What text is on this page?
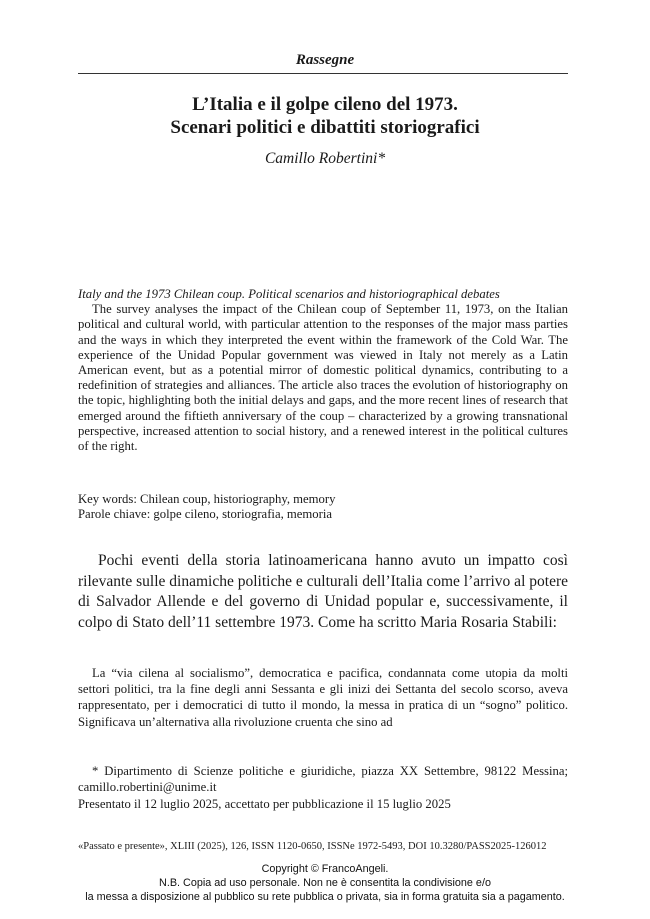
Rassegne
L’Italia e il golpe cileno del 1973.
Scenari politici e dibattiti storiografici
Camillo Robertini*
Italy and the 1973 Chilean coup. Political scenarios and historiographical debates

The survey analyses the impact of the Chilean coup of September 11, 1973, on the Italian political and cultural world, with particular attention to the responses of the major mass parties and the ways in which they interpreted the event within the framework of the Cold War. The experience of the Unidad Popular government was viewed in Italy not merely as a Latin American event, but as a potential mirror of domestic political dynamics, contributing to a redefinition of strategies and alliances. The article also traces the evolution of historiography on the topic, highlighting both the initial delays and gaps, and the more recent lines of research that emerged around the fiftieth anniversary of the coup – characterized by a growing transnational perspective, increased attention to social history, and a renewed interest in the political cultures of the right.

Key words: Chilean coup, historiography, memory
Parole chiave: golpe cileno, storiografia, memoria

Pochi eventi della storia latinoamericana hanno avuto un impatto così rilevante sulle dinamiche politiche e culturali dell’Italia come l’arrivo al potere di Salvador Allende e del governo di Unidad popular e, successivamente, il colpo di Stato dell’11 settembre 1973. Come ha scritto Maria Rosaria Stabili:

La “via cilena al socialismo”, democratica e pacifica, condannata come utopia da molti settori politici, tra la fine degli anni Sessanta e gli inizi dei Settanta del secolo scorso, aveva rappresentato, per i democratici di tutto il mondo, la messa in pratica di un “sogno” politico. Significava un’alternativa alla rivoluzione cruenta che sino ad

* Dipartimento di Scienze politiche e giuridiche, piazza XX Settembre, 98122 Messina; camillo.robertini@unime.it

Presentato il 12 luglio 2025, accettato per pubblicazione il 15 luglio 2025
«Passato e presente», XLIII (2025), 126, ISSN 1120-0650, ISSNe 1972-5493, DOI 10.3280/PASS2025-126012
Copyright © FrancoAngeli.
N.B. Copia ad uso personale. Non ne è consentita la condivisione e/o
la messa a disposizione al pubblico su rete pubblica o privata, sia in forma gratuita sia a pagamento.
